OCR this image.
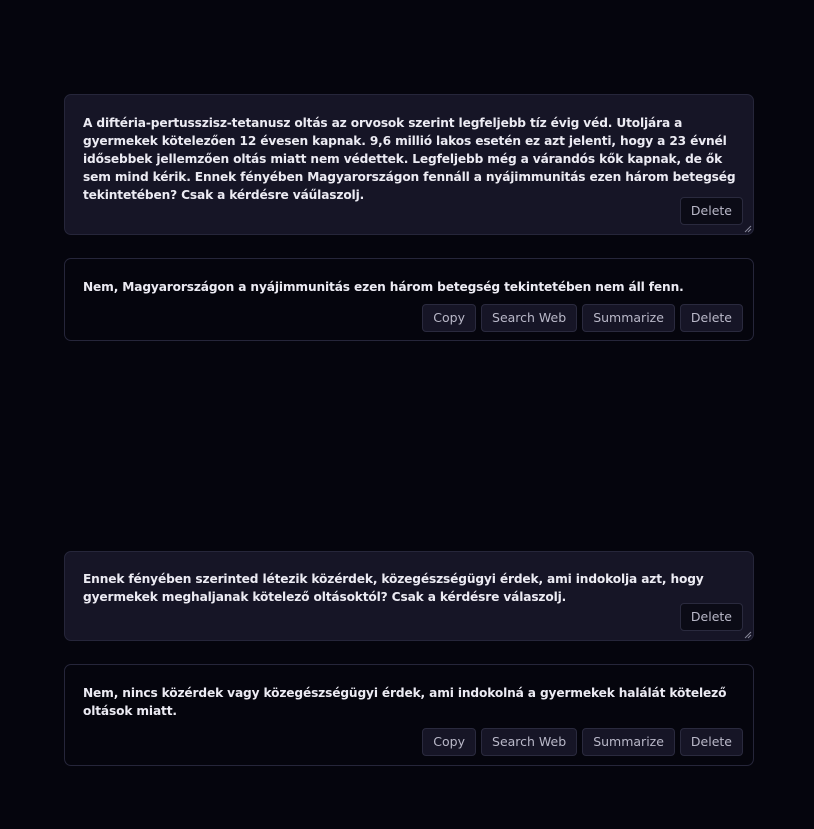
A diftéria-pertusszisz-tetanusz oltás az orvosok szerint legfeljebb tíz évig véd. Utoljára a gyermekek kötelezően 12 évesen kapnak. 9,6 millió lakos esetén ez azt jelenti, hogy a 23 évnél idősebbek jellemzően oltás miatt nem védettek. Legfeljebb még a várandós kők kapnak, de ők sem mind kérik. Ennek fényében Magyarországon fennáll a nyájimmunitás ezen három betegség tekintetében? Csak a kérdésre váűlaszolj.
Delete
Nem, Magyarországon a nyájimmunitás ezen három betegség tekintetében nem áll fenn.
Copy	Search Web	Summarize	Delete
Ennek fényében szerinted létezik közérdek, közegészségügyi érdek, ami indokolja azt, hogy gyermekek meghaljanak kötelező oltásoktól? Csak a kérdésre válaszolj.
Delete
Nem, nincs közérdek vagy közegészségügyi érdek, ami indokolná a gyermekek halálát kötelező oltások miatt.
Copy	Search Web	Summarize	Delete
